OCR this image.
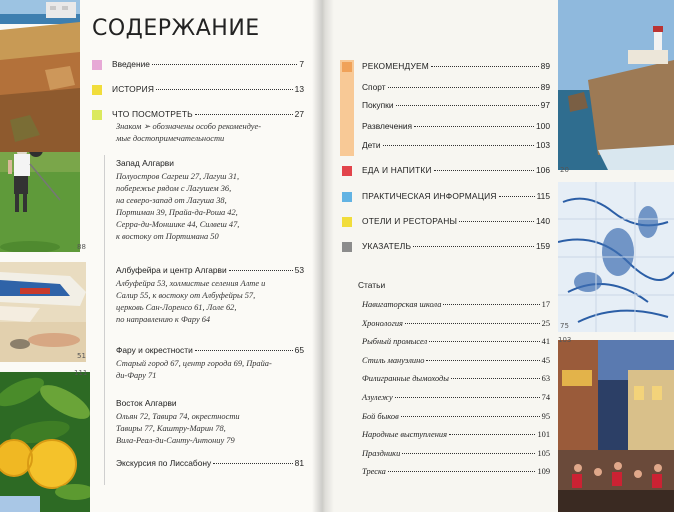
88
51
111
СОДЕРЖАНИЕ
Введение	7
ИСТОРИЯ	13
ЧТО ПОСМОТРЕТЬ	27
Знаком ➢ обозначены особо рекомендуе-
мые достопримечательности
Запад Алгарви
Полуостров Сагреш 27, Лагуш 31,
побережье рядом с Лагушем 36,
на северо-запад от Лагуша 38,
Портиман 39, Прайа-да-Роша 42,
Серра-ди-Моншике 44, Силвеш 47,
к востоку от Портимана 50
Албуфейра и центр Алгарви	53
Албуфейра 53, холмистые селения Алте и
Салир 55, к востоку от Албуфейры 57,
церковь Сан-Лоренсо 61, Лоле 62,
по направлению к Фару 64
Фару и окрестности	65
Старый город 67, центр города 69, Прайа-
ди-Фару 71
Восток Алгарви
Ольян 72, Тавира 74, окрестности
Тавиры 77, Каштру-Марин 78,
Вила-Реал-ди-Санту-Антониу 79
Экскурсия по Лиссабону	81
РЕКОМЕНДУЕМ	89
Спорт	89
Покупки	97
Развлечения	100
Дети	103
ЕДА И НАПИТКИ	106
ПРАКТИЧЕСКАЯ ИНФОРМАЦИЯ	115
ОТЕЛИ И РЕСТОРАНЫ	140
УКАЗАТЕЛЬ	159
Статьи
Навигаторская школа	17
Хронология	25
Рыбный промысел	41
Стиль мануэлино	45
Филигранные дымоходы	63
Азулежу	74
Бой быков	95
Народные выступления	101
Праздники	105
Треска	109
20
75
103
